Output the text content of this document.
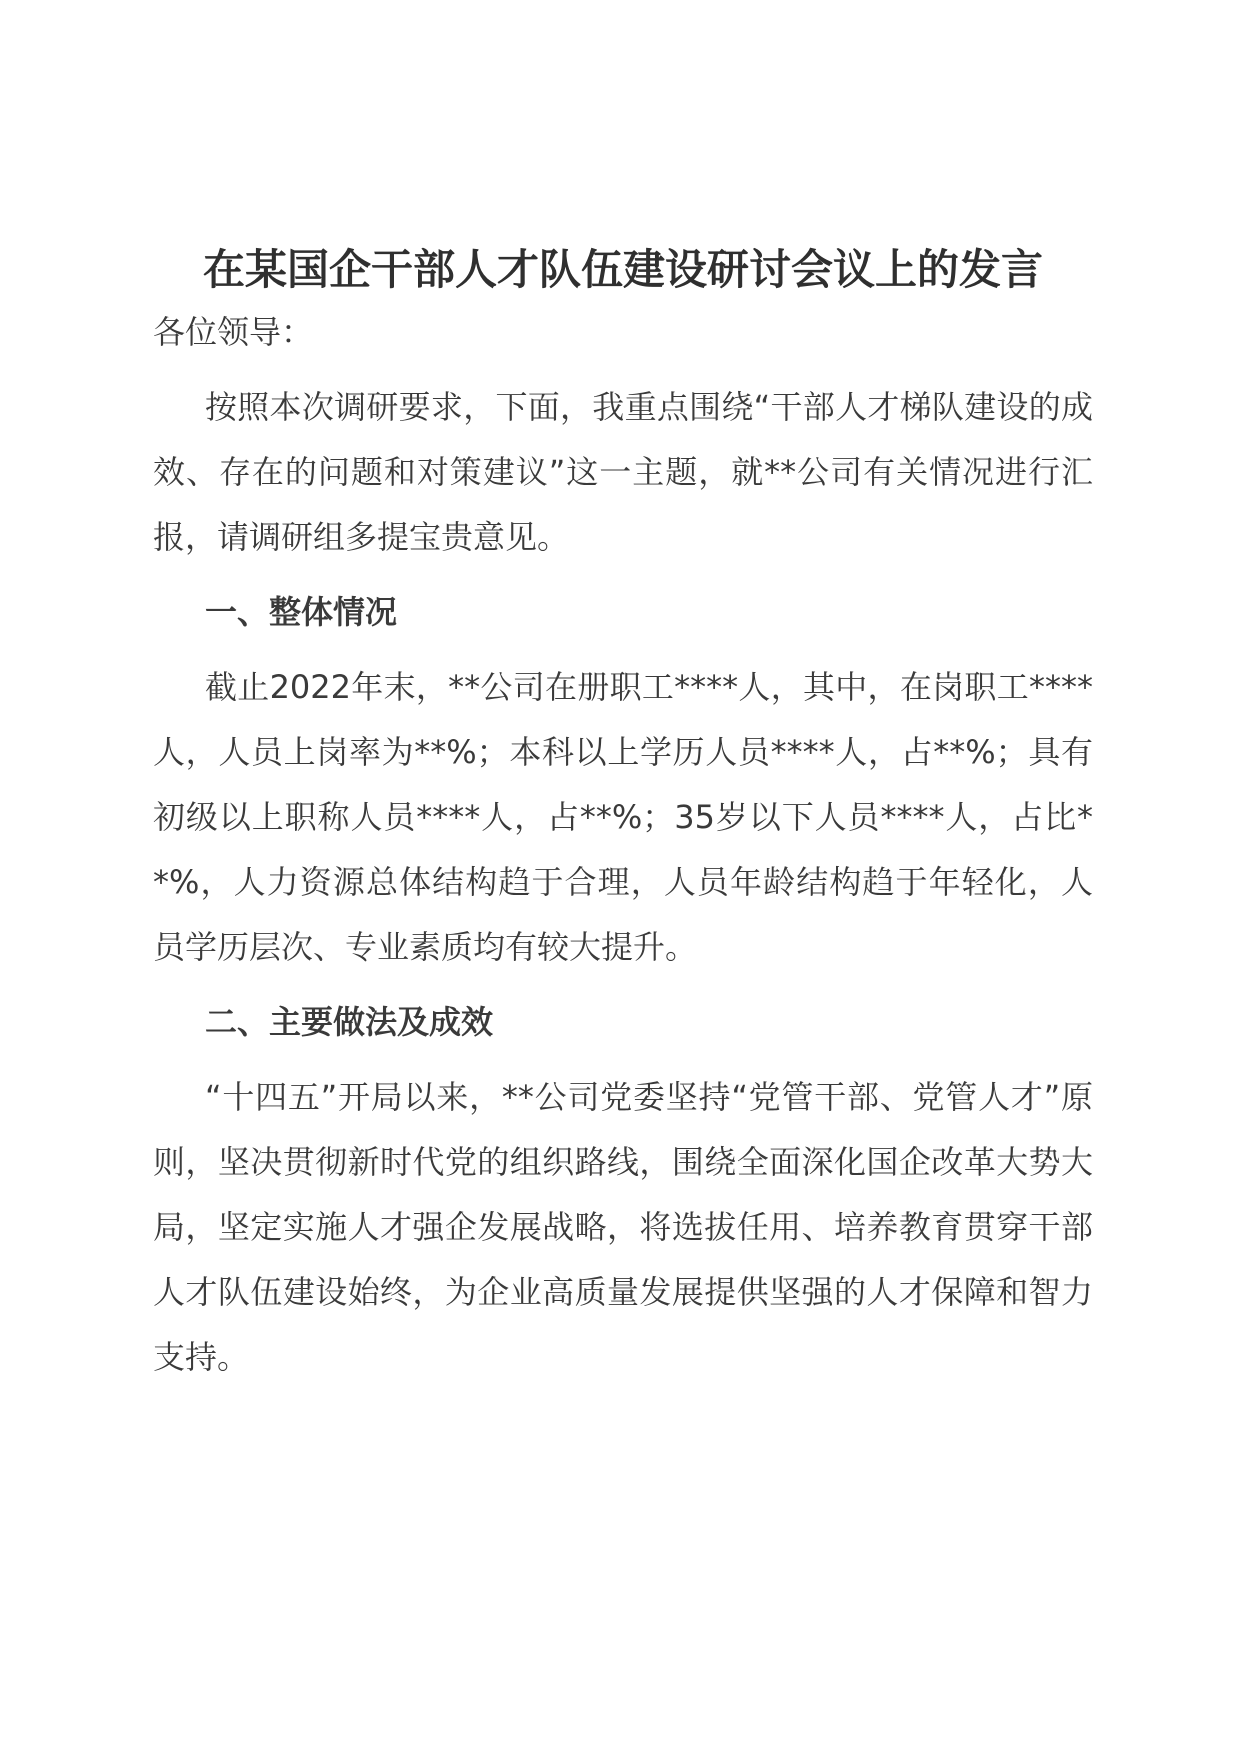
在某国企干部人才队伍建设研讨会议上的发言

各位领导：

按照本次调研要求，下面，我重点围绕“干部人才梯队建设的成效、存在的问题和对策建议”这一主题，就**公司有关情况进行汇报，请调研组多提宝贵意见。

一、整体情况

截止2022年末，**公司在册职工****人，其中，在岗职工****人，人员上岗率为**%；本科以上学历人员****人，占**%；具有初级以上职称人员****人，占**%；35岁以下人员****人，占比**%，人力资源总体结构趋于合理，人员年龄结构趋于年轻化，人员学历层次、专业素质均有较大提升。

二、主要做法及成效

“十四五”开局以来，**公司党委坚持“党管干部、党管人才”原则，坚决贯彻新时代党的组织路线，围绕全面深化国企改革大势大局，坚定实施人才强企发展战略，将选拔任用、培养教育贯穿干部人才队伍建设始终，为企业高质量发展提供坚强的人才保障和智力支持。
